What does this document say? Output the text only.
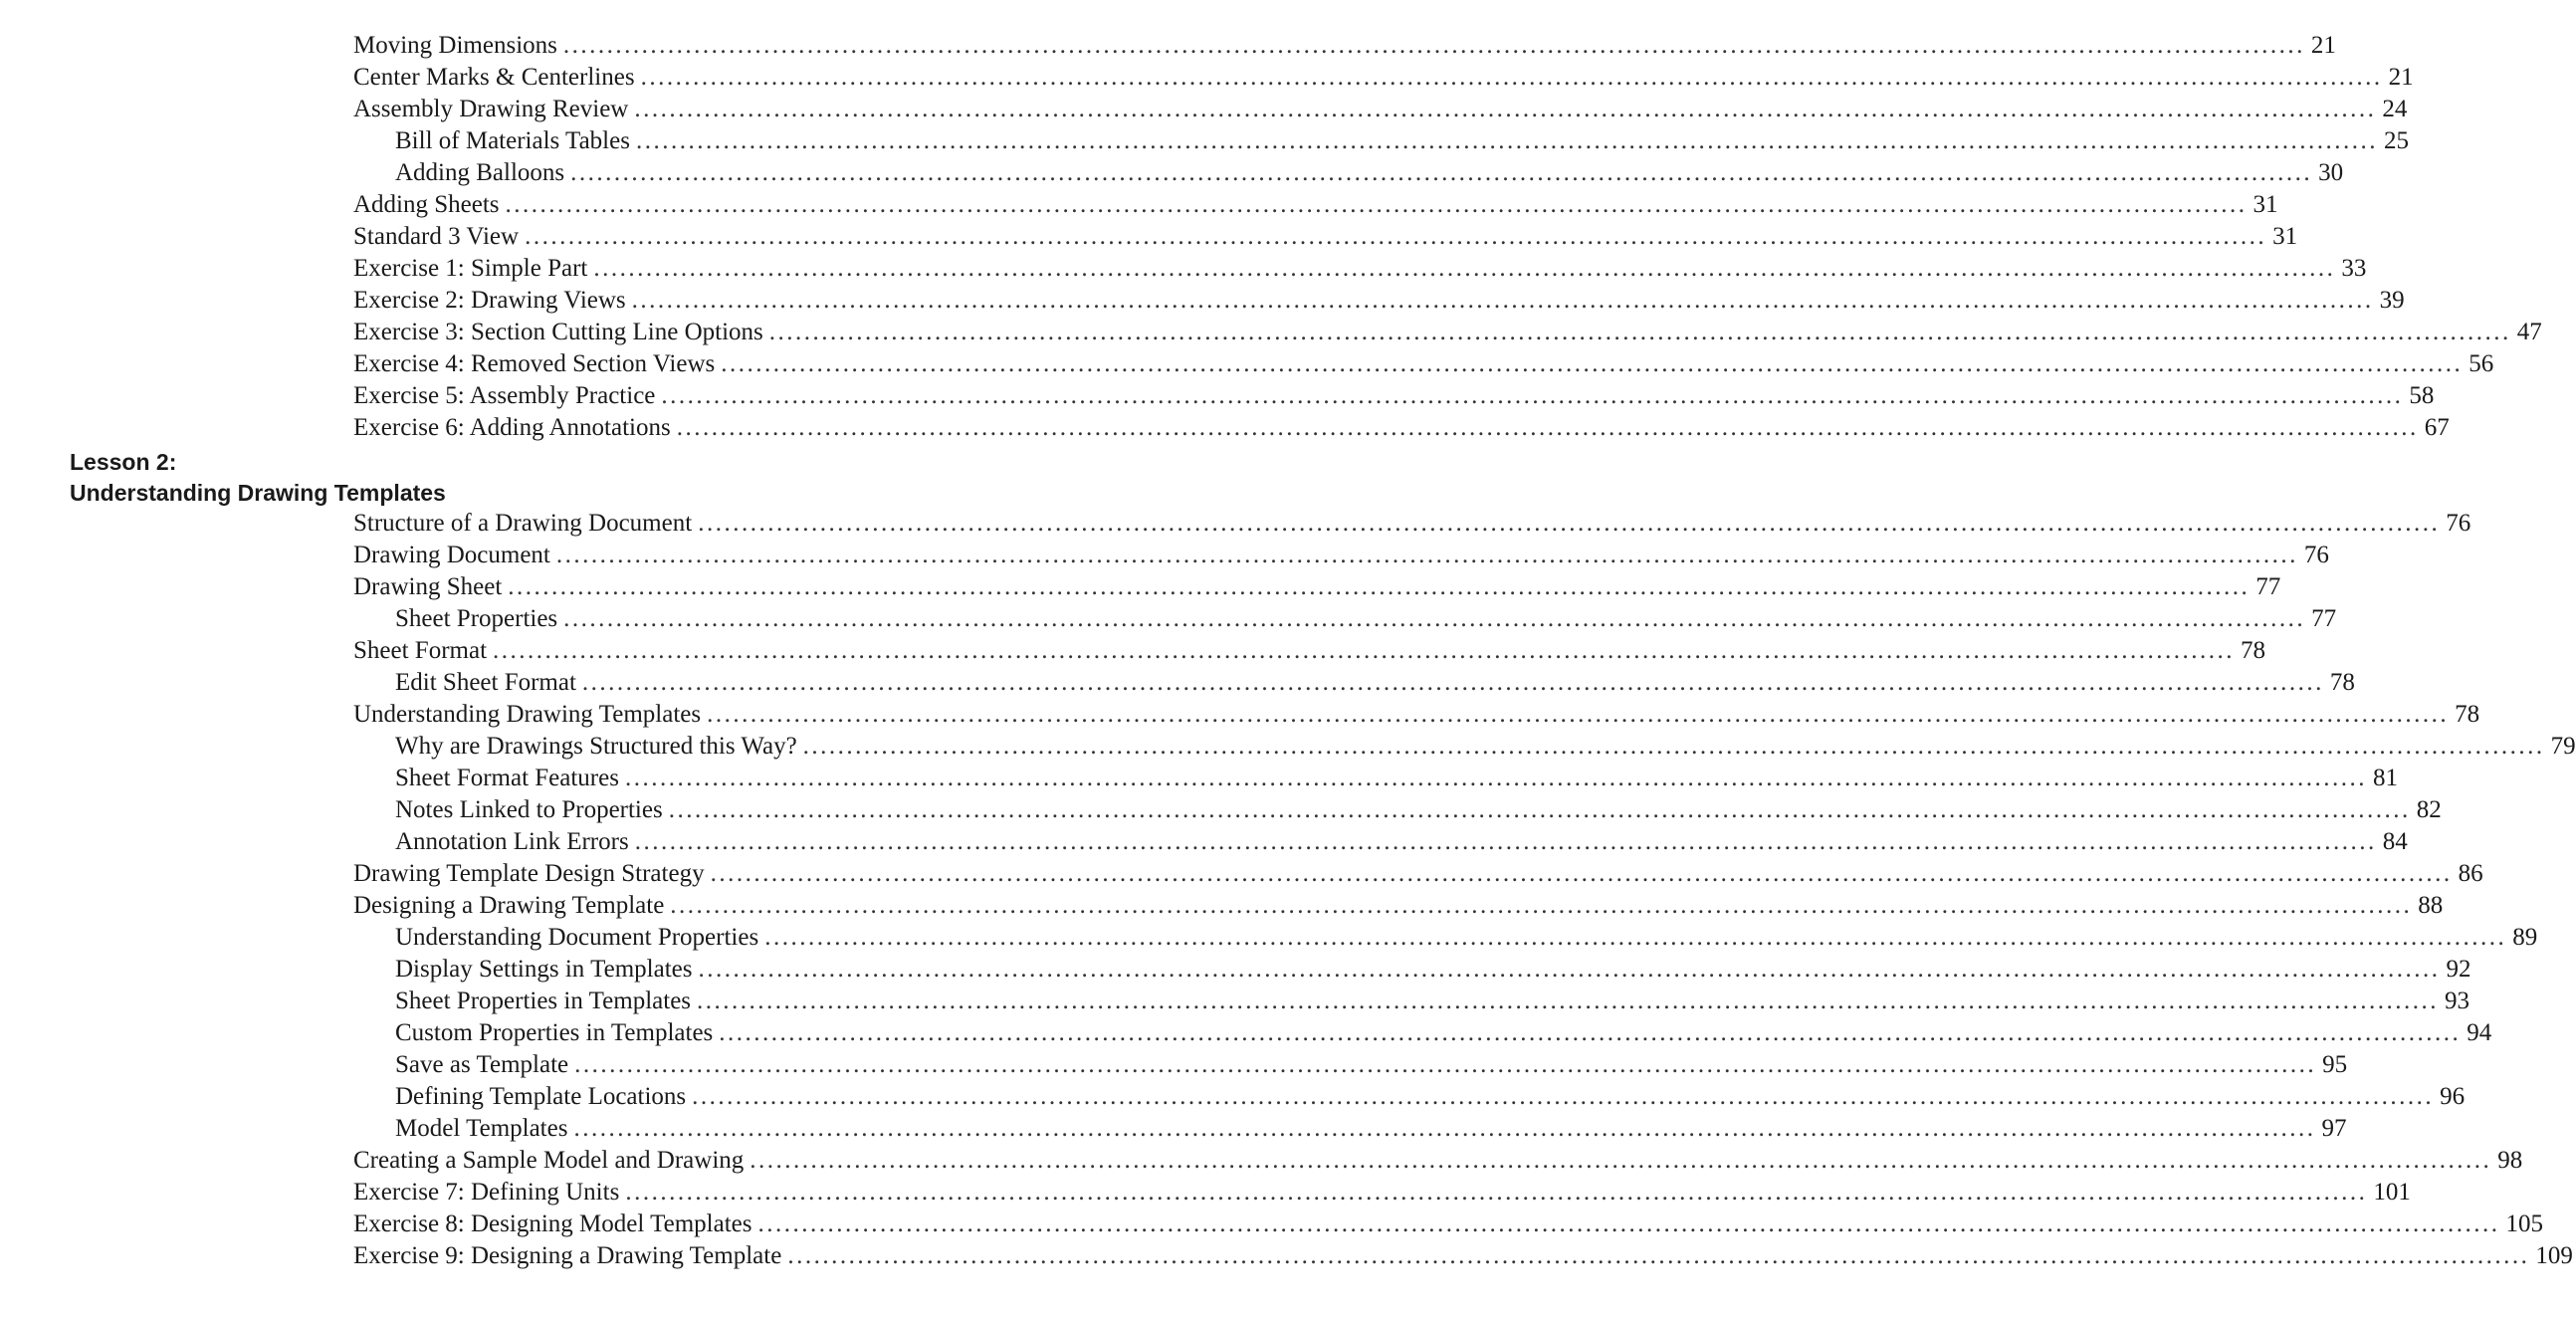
Moving Dimensions ........................................................................................................................................................................................................ 21
Center Marks & Centerlines ........................................................................................................................................................................................................ 21
Assembly Drawing Review ........................................................................................................................................................................................................ 24
Bill of Materials Tables ........................................................................................................................................................................................................ 25
Adding Balloons ........................................................................................................................................................................................................ 30
Adding Sheets ........................................................................................................................................................................................................ 31
Standard 3 View ........................................................................................................................................................................................................ 31
Exercise 1: Simple Part ........................................................................................................................................................................................................ 33
Exercise 2: Drawing Views ........................................................................................................................................................................................................ 39
Exercise 3: Section Cutting Line Options ........................................................................................................................................................................................................ 47
Exercise 4: Removed Section Views ........................................................................................................................................................................................................ 56
Exercise 5: Assembly Practice ........................................................................................................................................................................................................ 58
Exercise 6: Adding Annotations ........................................................................................................................................................................................................ 67
Lesson 2:
Understanding Drawing Templates
Structure of a Drawing Document ........................................................................................................................................................................................................ 76
Drawing Document ........................................................................................................................................................................................................ 76
Drawing Sheet ........................................................................................................................................................................................................ 77
Sheet Properties ........................................................................................................................................................................................................ 77
Sheet Format ........................................................................................................................................................................................................ 78
Edit Sheet Format ........................................................................................................................................................................................................ 78
Understanding Drawing Templates ........................................................................................................................................................................................................ 78
Why are Drawings Structured this Way? ........................................................................................................................................................................................................ 79
Sheet Format Features ........................................................................................................................................................................................................ 81
Notes Linked to Properties ........................................................................................................................................................................................................ 82
Annotation Link Errors ........................................................................................................................................................................................................ 84
Drawing Template Design Strategy ........................................................................................................................................................................................................ 86
Designing a Drawing Template ........................................................................................................................................................................................................ 88
Understanding Document Properties ........................................................................................................................................................................................................ 89
Display Settings in Templates ........................................................................................................................................................................................................ 92
Sheet Properties in Templates ........................................................................................................................................................................................................ 93
Custom Properties in Templates ........................................................................................................................................................................................................ 94
Save as Template ........................................................................................................................................................................................................ 95
Defining Template Locations ........................................................................................................................................................................................................ 96
Model Templates ........................................................................................................................................................................................................ 97
Creating a Sample Model and Drawing ........................................................................................................................................................................................................ 98
Exercise 7: Defining Units ........................................................................................................................................................................................................ 101
Exercise 8: Designing Model Templates ........................................................................................................................................................................................................ 105
Exercise 9: Designing a Drawing Template ........................................................................................................................................................................................................ 109
